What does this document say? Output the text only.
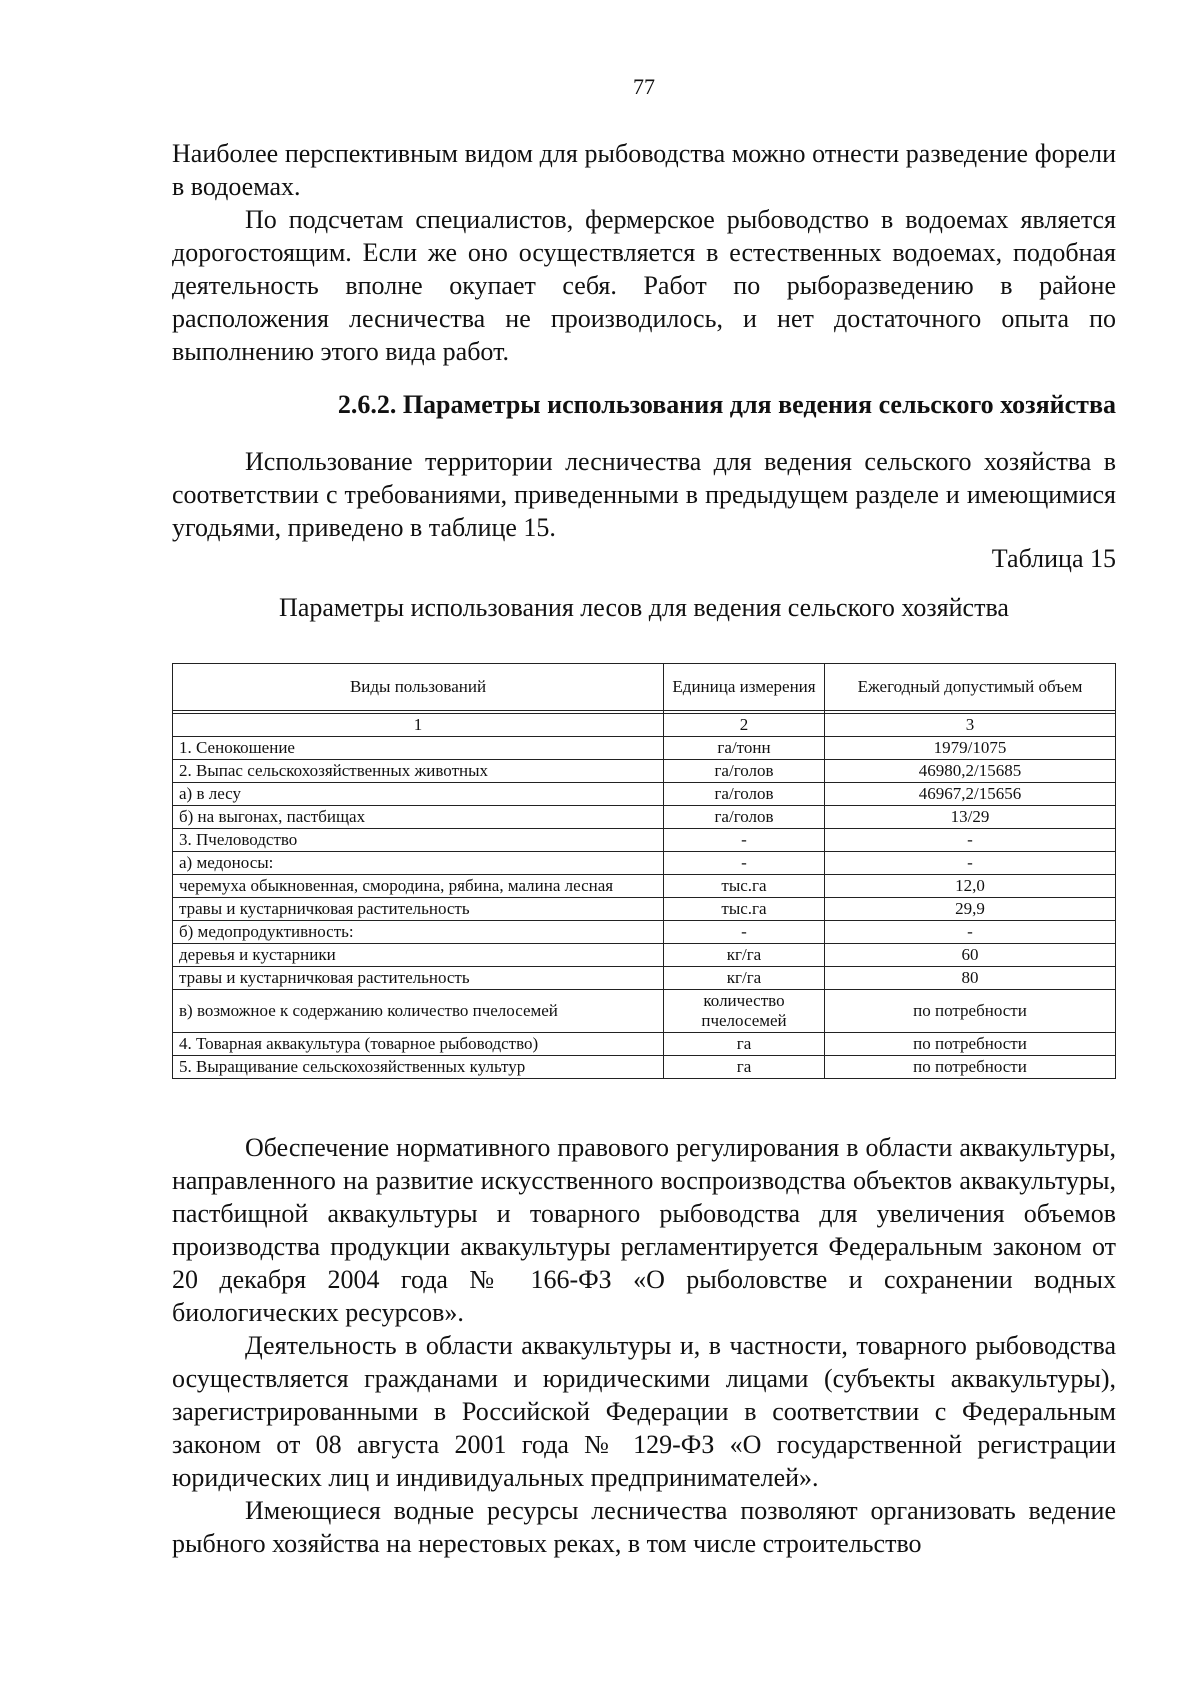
77

Наиболее перспективным видом для рыбоводства можно отнести разведение форели в водоемах.

По подсчетам специалистов, фермерское рыбоводство в водоемах является дорогостоящим. Если же оно осуществляется в естественных водоемах, подобная деятельность вполне окупает себя. Работ по рыборазведению в районе расположения лесничества не производилось, и нет достаточного опыта по выполнению этого вида работ.

2.6.2. Параметры использования для ведения сельского хозяйства

Использование территории лесничества для ведения сельского хозяйства в соответствии с требованиями, приведенными в предыдущем разделе и имеющимися угодьями, приведено в таблице 15.

Таблица 15
Параметры использования лесов для ведения сельского хозяйства
Виды пользований	Единица измерения	Ежегодный допустимый объем

1	2	3
1. Сенокошение	га/тонн	1979/1075
2. Выпас сельскохозяйственных животных	га/голов	46980,2/15685
а) в лесу	га/голов	46967,2/15656
б) на выгонах, пастбищах	га/голов	13/29
3. Пчеловодство	-	-
а) медоносы:	-	-
черемуха обыкновенная, смородина, рябина, малина лесная	тыс.га	12,0
травы и кустарничковая растительность	тыс.га	29,9
б) медопродуктивность:	-	-
деревья и кустарники	кг/га	60
травы и кустарничковая растительность	кг/га	80
в) возможное к содержанию количество пчелосемей	количество пчелосемей	по потребности
4. Товарная аквакультура (товарное рыбоводство)	га	по потребности
5. Выращивание сельскохозяйственных культур	га	по потребности

Обеспечение нормативного правового регулирования в области аквакультуры, направленного на развитие искусственного воспроизводства объектов аквакультуры, пастбищной аквакультуры и товарного рыбоводства для увеличения объемов производства продукции аквакультуры регламентируется Федеральным законом от 20 декабря 2004 года № 166-ФЗ «О рыболовстве и сохранении водных биологических ресурсов».

Деятельность в области аквакультуры и, в частности, товарного рыбоводства осуществляется гражданами и юридическими лицами (субъекты аквакультуры), зарегистрированными в Российской Федерации в соответствии с Федеральным законом от 08 августа 2001 года № 129-ФЗ «О государственной регистрации юридических лиц и индивидуальных предпринимателей».

Имеющиеся водные ресурсы лесничества позволяют организовать ведение рыбного хозяйства на нерестовых реках, в том числе строительство
